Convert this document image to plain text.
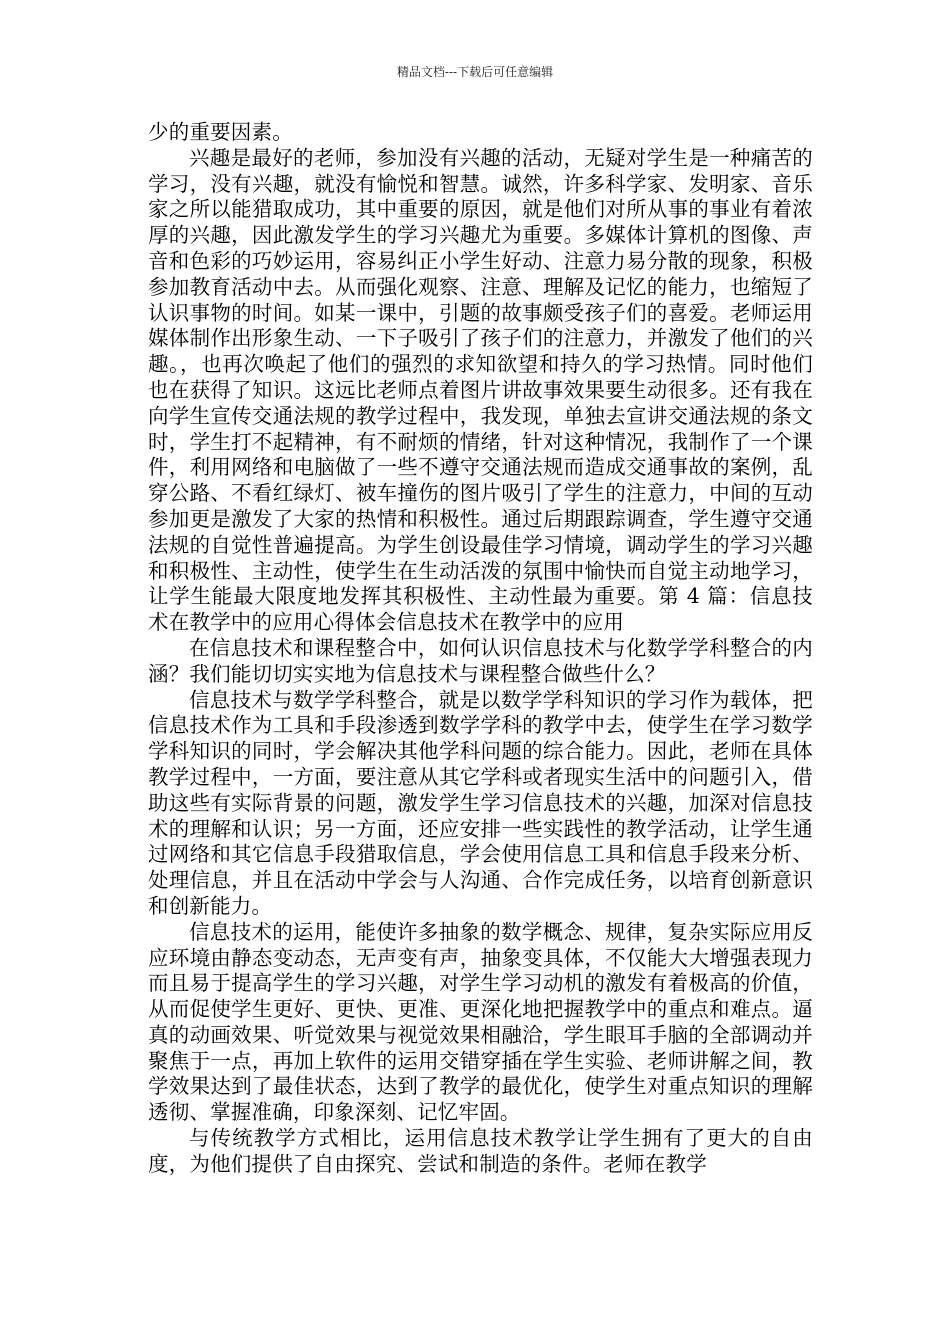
精品文档---下载后可任意编辑

少的重要因素。

兴趣是最好的老师，参加没有兴趣的活动，无疑对学生是一种痛苦的学习，没有兴趣，就没有愉悦和智慧。诚然，许多科学家、发明家、音乐家之所以能猎取成功，其中重要的原因，就是他们对所从事的事业有着浓厚的兴趣，因此激发学生的学习兴趣尤为重要。多媒体计算机的图像、声音和色彩的巧妙运用，容易纠正小学生好动、注意力易分散的现象，积极参加教育活动中去。从而强化观察、注意、理解及记忆的能力，也缩短了认识事物的时间。如某一课中，引题的故事颇受孩子们的喜爱。老师运用媒体制作出形象生动、一下子吸引了孩子们的注意力，并激发了他们的兴趣。，也再次唤起了他们的强烈的求知欲望和持久的学习热情。同时他们也在获得了知识。这远比老师点着图片讲故事效果要生动很多。还有我在向学生宣传交通法规的教学过程中，我发现，单独去宣讲交通法规的条文时，学生打不起精神，有不耐烦的情绪，针对这种情况，我制作了一个课件，利用网络和电脑做了一些不遵守交通法规而造成交通事故的案例，乱穿公路、不看红绿灯、被车撞伤的图片吸引了学生的注意力，中间的互动参加更是激发了大家的热情和积极性。通过后期跟踪调查，学生遵守交通法规的自觉性普遍提高。为学生创设最佳学习情境，调动学生的学习兴趣和积极性、主动性，使学生在生动活泼的氛围中愉快而自觉主动地学习，让学生能最大限度地发挥其积极性、主动性最为重要。第 4 篇：信息技术在教学中的应用心得体会信息技术在教学中的应用

在信息技术和课程整合中，如何认识信息技术与化数学学科整合的内涵？我们能切切实实地为信息技术与课程整合做些什么？

信息技术与数学学科整合，就是以数学学科知识的学习作为载体，把信息技术作为工具和手段渗透到数学学科的教学中去，使学生在学习数学学科知识的同时，学会解决其他学科问题的综合能力。因此，老师在具体教学过程中，一方面，要注意从其它学科或者现实生活中的问题引入，借助这些有实际背景的问题，激发学生学习信息技术的兴趣，加深对信息技术的理解和认识；另一方面，还应安排一些实践性的教学活动，让学生通过网络和其它信息手段猎取信息，学会使用信息工具和信息手段来分析、处理信息，并且在活动中学会与人沟通、合作完成任务，以培育创新意识和创新能力。

信息技术的运用，能使许多抽象的数学概念、规律，复杂实际应用反应环境由静态变动态，无声变有声，抽象变具体，不仅能大大增强表现力而且易于提高学生的学习兴趣，对学生学习动机的激发有着极高的价值，从而促使学生更好、更快、更准、更深化地把握教学中的重点和难点。逼真的动画效果、听觉效果与视觉效果相融洽，学生眼耳手脑的全部调动并聚焦于一点，再加上软件的运用交错穿插在学生实验、老师讲解之间，教学效果达到了最佳状态，达到了教学的最优化，使学生对重点知识的理解透彻、掌握准确，印象深刻、记忆牢固。

与传统教学方式相比，运用信息技术教学让学生拥有了更大的自由度，为他们提供了自由探究、尝试和制造的条件。老师在教学
